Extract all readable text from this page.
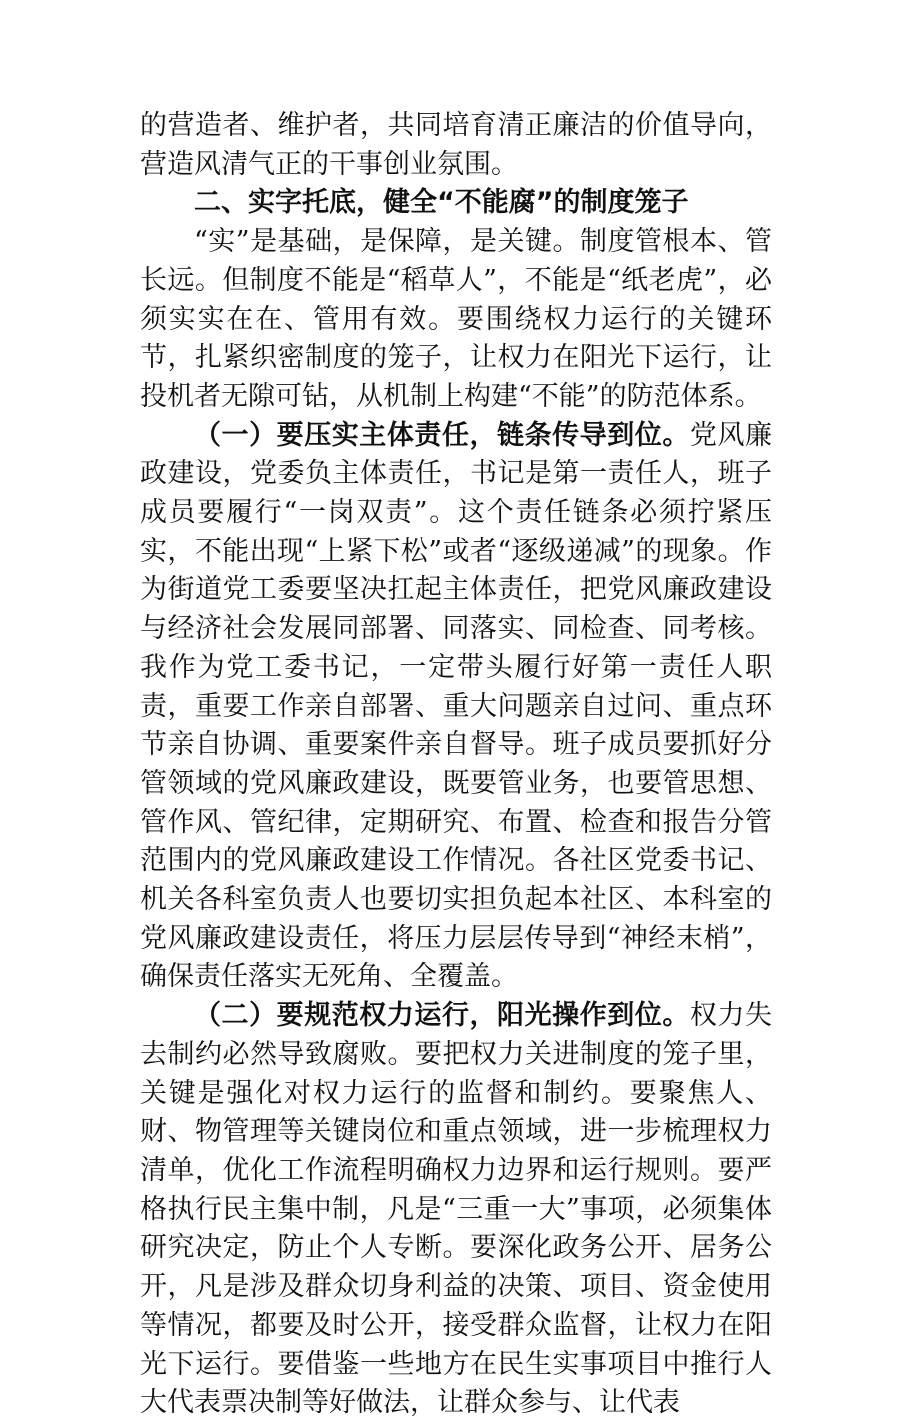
的营造者、维护者，共同培育清正廉洁的价值导向，营造风清气正的干事创业氛围。

二、实字托底，健全“不能腐”的制度笼子

“实”是基础，是保障，是关键。制度管根本、管长远。但制度不能是“稻草人”，不能是“纸老虎”，必须实实在在、管用有效。要围绕权力运行的关键环节，扎紧织密制度的笼子，让权力在阳光下运行，让投机者无隙可钻，从机制上构建“不能”的防范体系。

（一）要压实主体责任，链条传导到位。党风廉政建设，党委负主体责任，书记是第一责任人，班子成员要履行“一岗双责”。这个责任链条必须拧紧压实，不能出现“上紧下松”或者“逐级递减”的现象。作为街道党工委要坚决扛起主体责任，把党风廉政建设与经济社会发展同部署、同落实、同检查、同考核。我作为党工委书记，一定带头履行好第一责任人职责，重要工作亲自部署、重大问题亲自过问、重点环节亲自协调、重要案件亲自督导。班子成员要抓好分管领域的党风廉政建设，既要管业务，也要管思想、管作风、管纪律，定期研究、布置、检查和报告分管范围内的党风廉政建设工作情况。各社区党委书记、机关各科室负责人也要切实担负起本社区、本科室的党风廉政建设责任，将压力层层传导到“神经末梢”，确保责任落实无死角、全覆盖。

（二）要规范权力运行，阳光操作到位。权力失去制约必然导致腐败。要把权力关进制度的笼子里，关键是强化对权力运行的监督和制约。要聚焦人、财、物管理等关键岗位和重点领域，进一步梳理权力清单，优化工作流程明确权力边界和运行规则。要严格执行民主集中制，凡是“三重一大”事项，必须集体研究决定，防止个人专断。要深化政务公开、居务公开，凡是涉及群众切身利益的决策、项目、资金使用等情况，都要及时公开，接受群众监督，让权力在阳光下运行。要借鉴一些地方在民生实事项目中推行人大代表票决制等好做法，让群众参与、让代表
